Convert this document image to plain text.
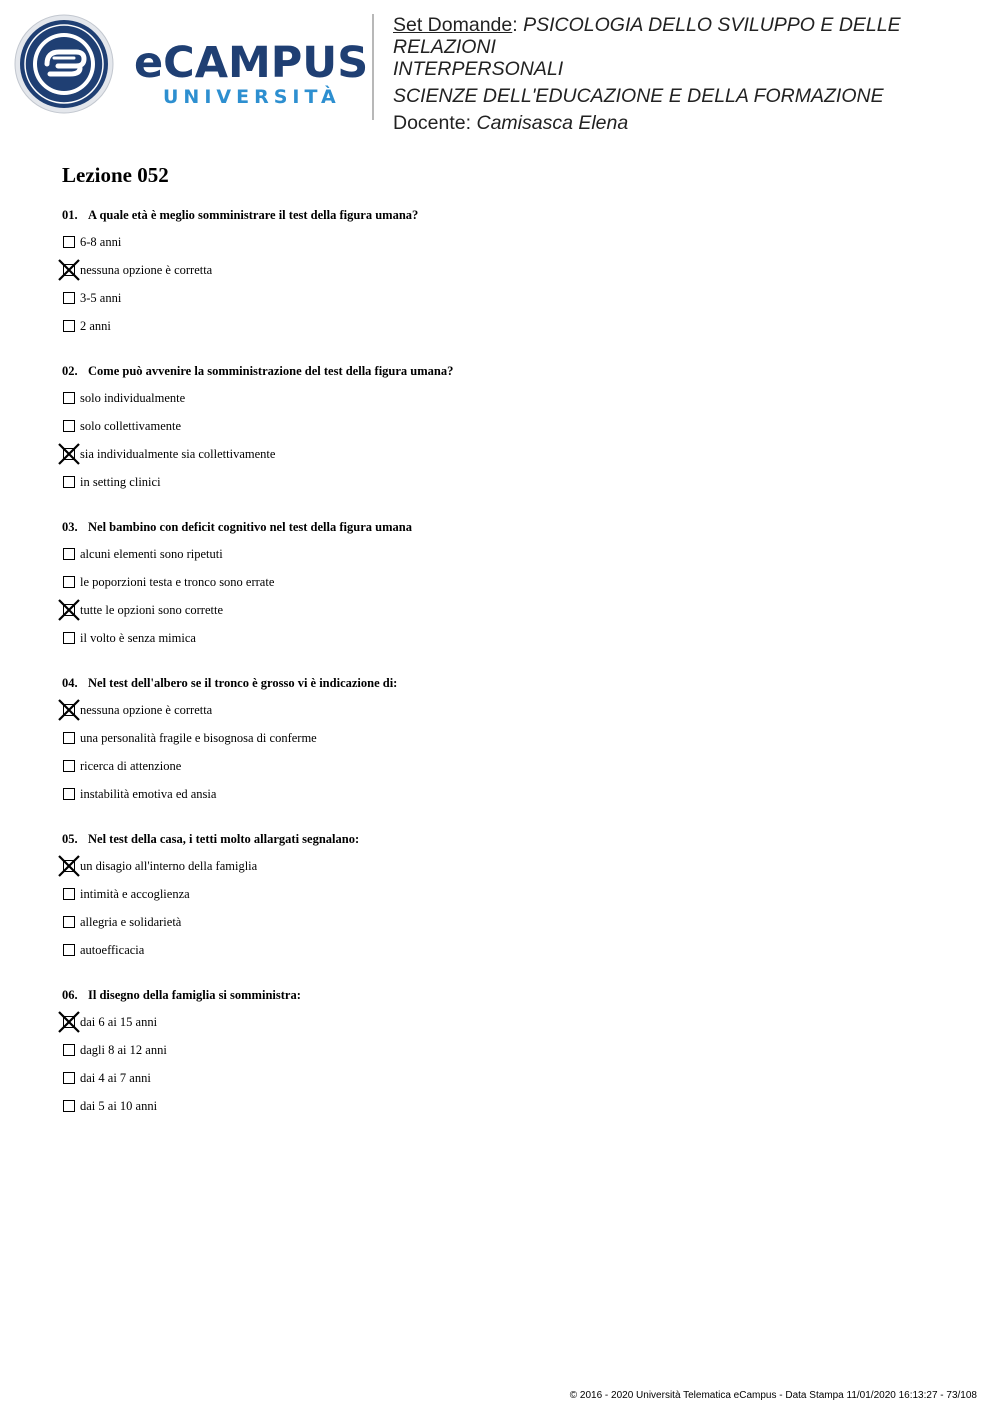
eCAMPUS
UNIVERSITÀ
Set Domande: PSICOLOGIA DELLO SVILUPPO E DELLE RELAZIONI
INTERPERSONALI
SCIENZE DELL'EDUCAZIONE E DELLA FORMAZIONE
Docente: Camisasca Elena
Lezione 052
01. A quale età è meglio somministrare il test della figura umana?
6-8 anni
nessuna opzione è corretta
3-5 anni
2 anni
02. Come può avvenire la somministrazione del test della figura umana?
solo individualmente
solo collettivamente
sia individualmente sia collettivamente
in setting clinici
03. Nel bambino con deficit cognitivo nel test della figura umana
alcuni elementi sono ripetuti
le poporzioni testa e tronco sono errate
tutte le opzioni sono corrette
il volto è senza mimica
04. Nel test dell'albero se il tronco è grosso vi è indicazione di:
nessuna opzione è corretta
una personalità fragile e bisognosa di conferme
ricerca di attenzione
instabilità emotiva ed ansia
05. Nel test della casa, i tetti molto allargati segnalano:
un disagio all'interno della famiglia
intimità e accoglienza
allegria e solidarietà
autoefficacia
06. Il disegno della famiglia si somministra:
dai 6 ai 15 anni
dagli 8 ai 12 anni
dai 4 ai 7 anni
dai 5 ai 10 anni
© 2016 - 2020 Università Telematica eCampus - Data Stampa 11/01/2020 16:13:27 - 73/108
